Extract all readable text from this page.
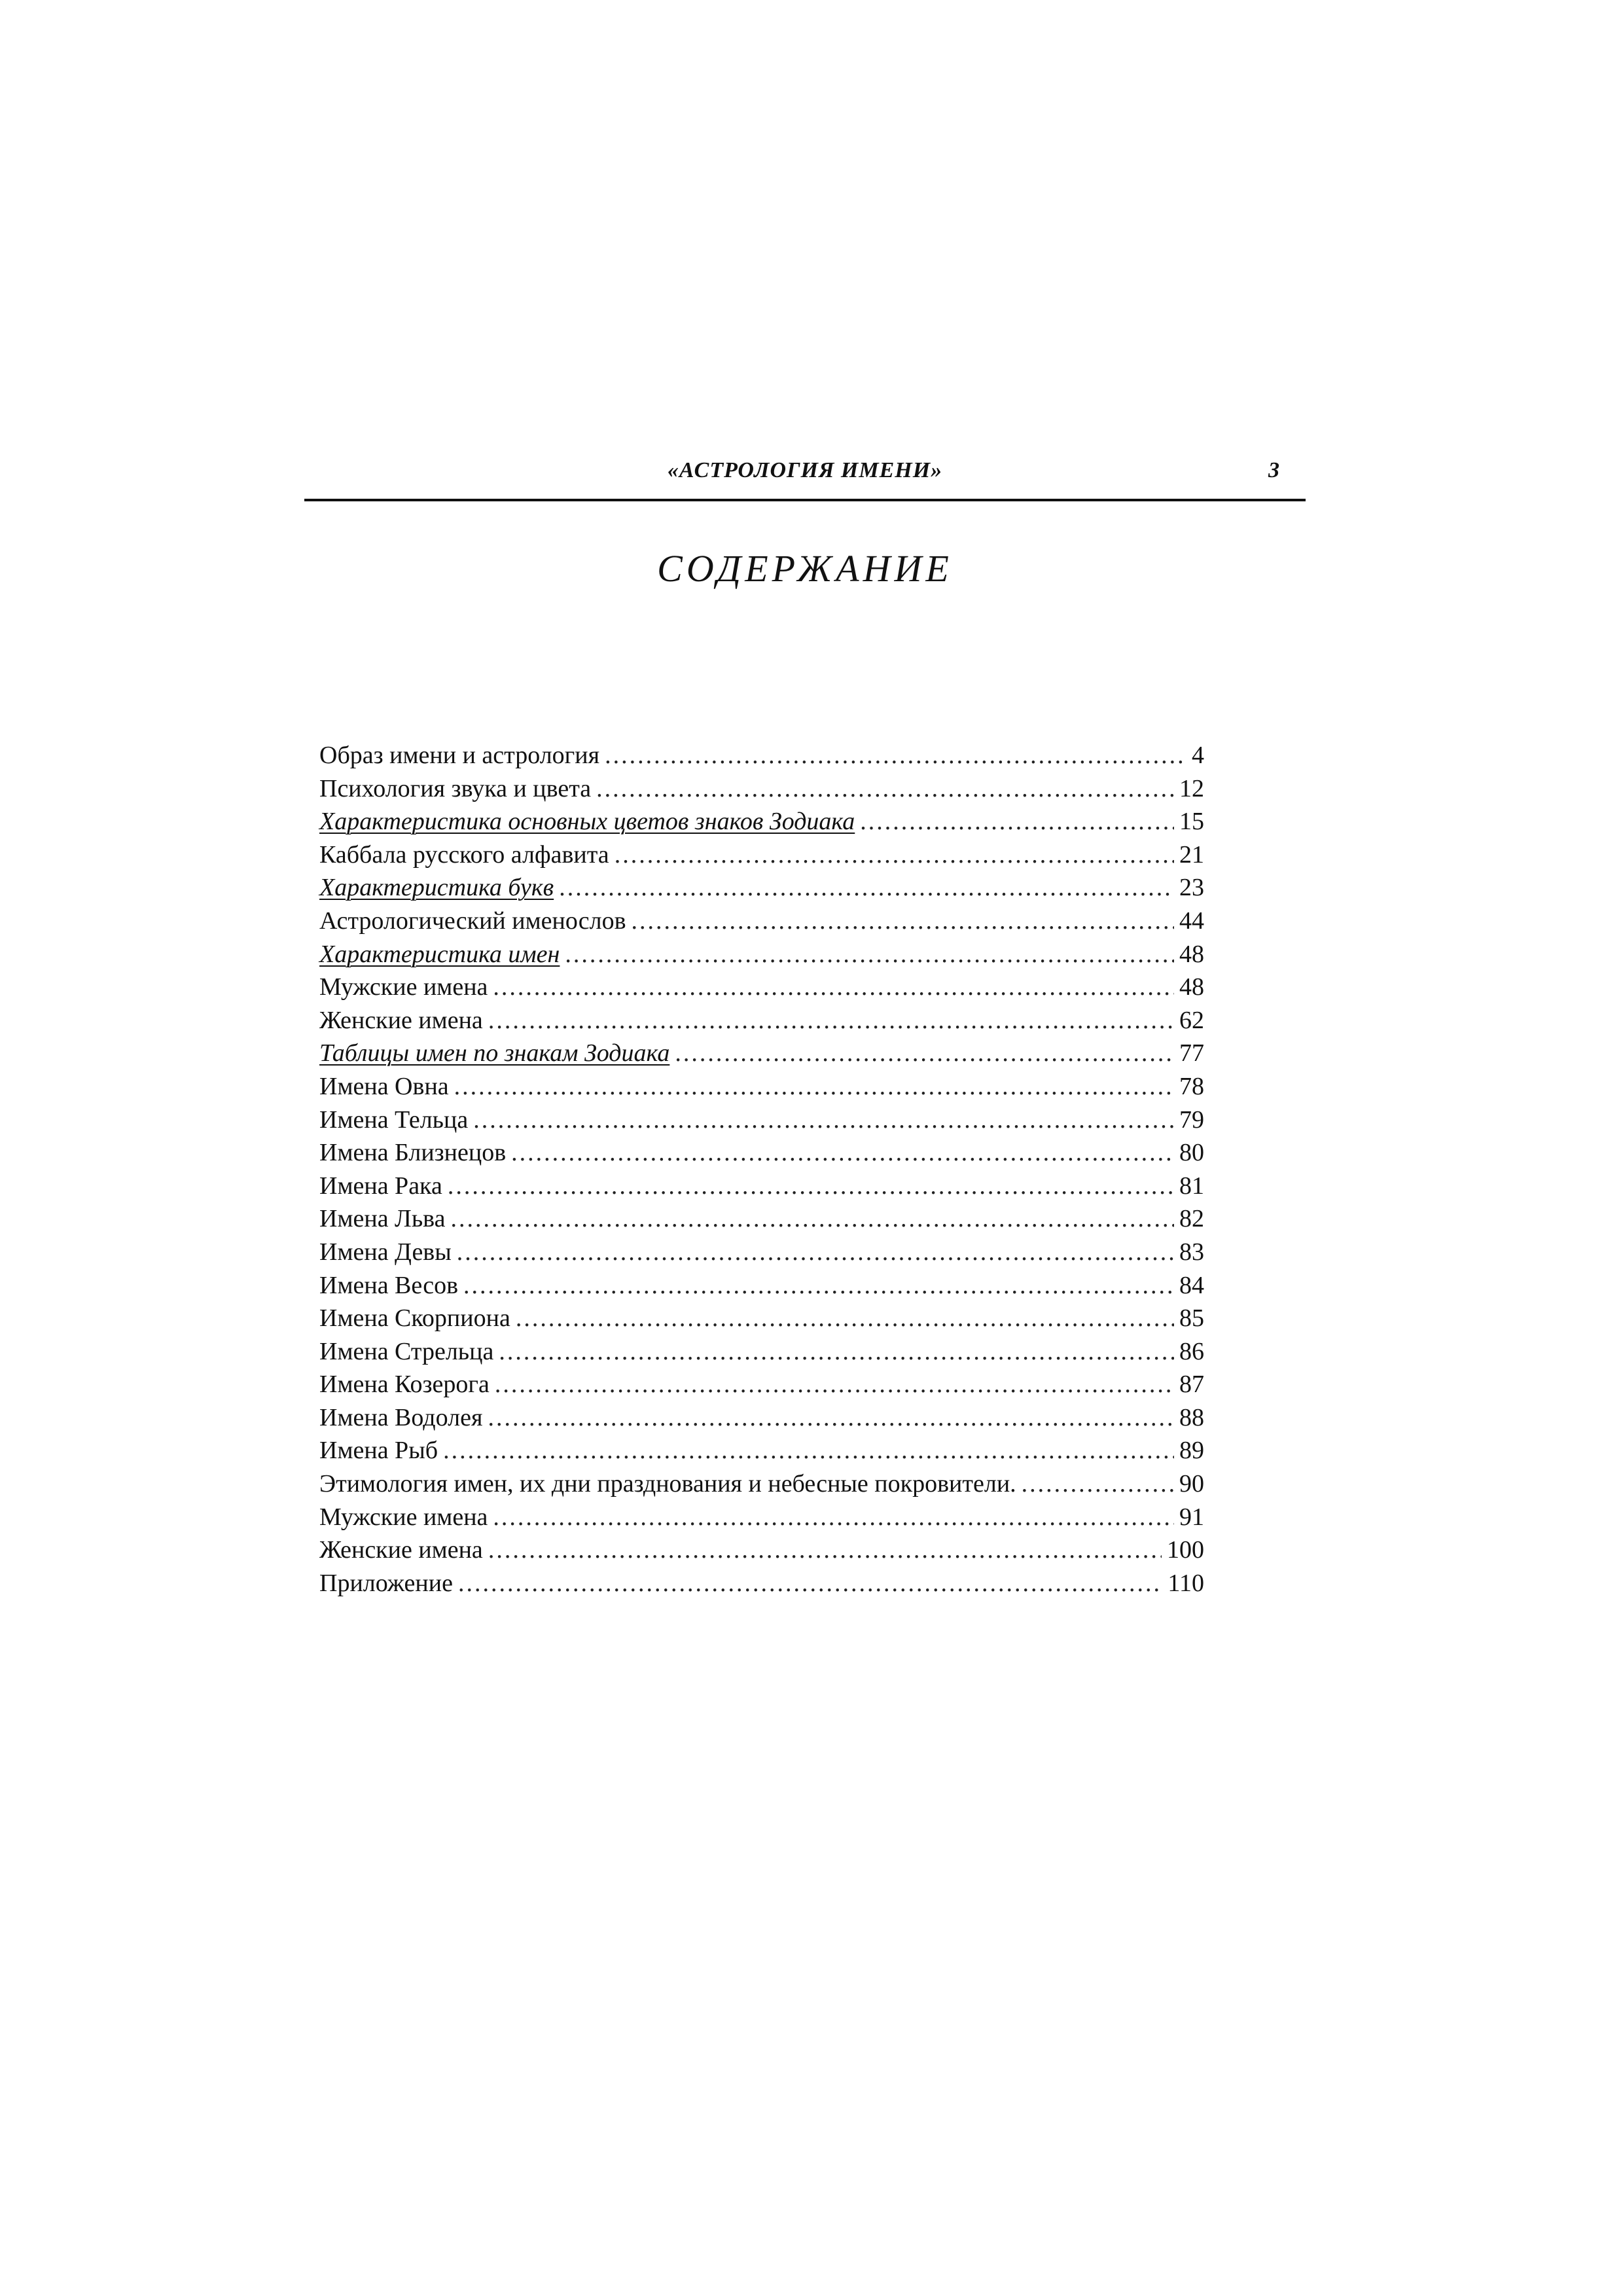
«АСТРОЛОГИЯ ИМЕНИ»	3
СОДЕРЖАНИЕ
Образ имени и астрология .....	4
Психология звука и цвета .....	12
Характеристика основных цветов знаков Зодиака .....	15
Каббала русского алфавита .....	21
Характеристика букв .....	23
Астрологический именослов .....	44
Характеристика имен .....	48
Мужские имена .....	48
Женские имена .....	62
Таблицы имен по знакам Зодиака .....	77
Имена Овна .....	78
Имена Тельца .....	79
Имена Близнецов .....	80
Имена Рака .....	81
Имена Льва .....	82
Имена Девы .....	83
Имена Весов .....	84
Имена Скорпиона .....	85
Имена Стрельца .....	86
Имена Козерога .....	87
Имена Водолея .....	88
Имена Рыб .....	89
Этимология имен, их дни празднования и небесные покровители. .....	90
Мужские имена .....	91
Женские имена .....	100
Приложение .....	110
